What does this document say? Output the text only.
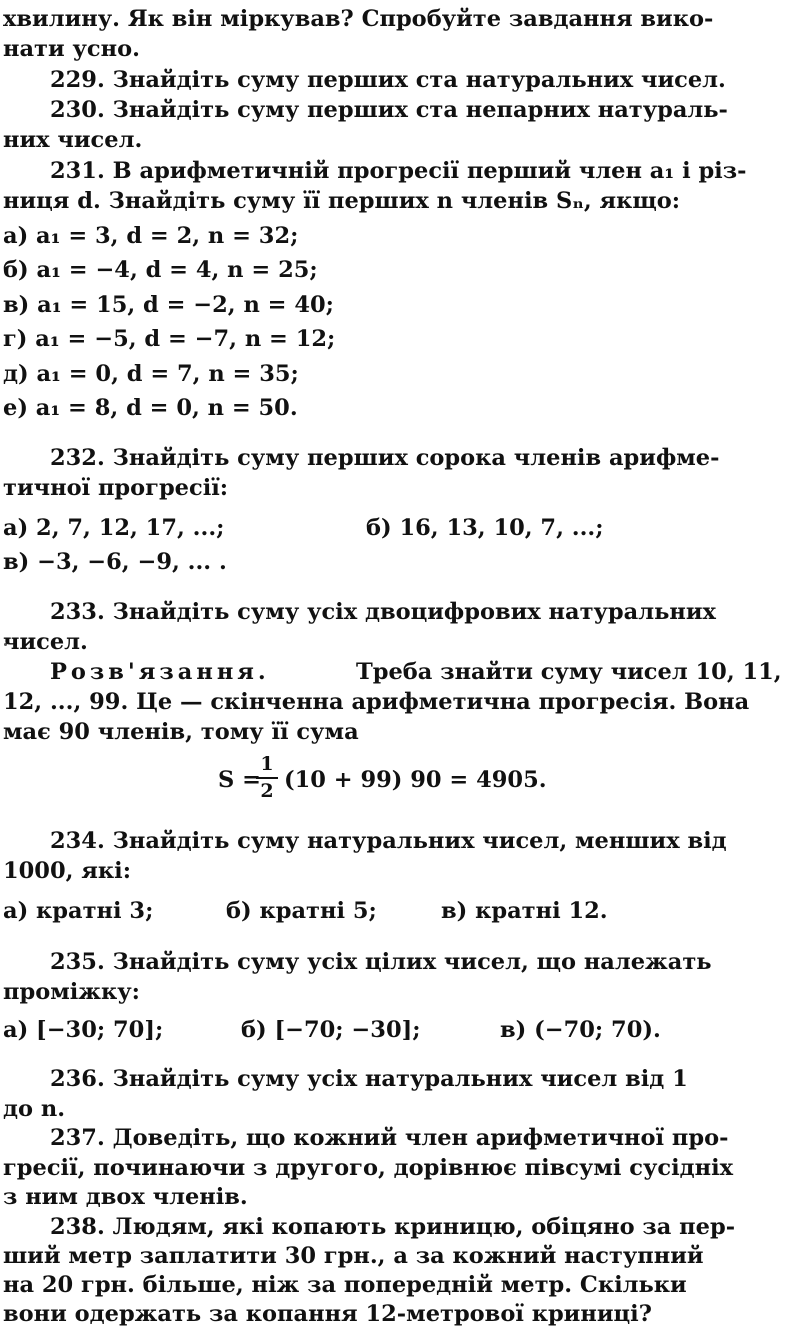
хвилину. Як він міркував? Спробуйте завдання вико-
нати усно.
229. Знайдіть суму перших ста натуральних чисел.
230. Знайдіть суму перших ста непарних натураль-
них чисел.
231. В арифметичній прогресії перший член a₁ і різ-
ниця d. Знайдіть суму її перших n членів Sₙ, якщо:
а) a₁ = 3, d = 2, n = 32;
б) a₁ = −4, d = 4, n = 25;
в) a₁ = 15, d = −2, n = 40;
г) a₁ = −5, d = −7, n = 12;
д) a₁ = 0, d = 7, n = 35;
е) a₁ = 8, d = 0, n = 50.
232. Знайдіть суму перших сорока членів арифме-
тичної прогресії:
а) 2, 7, 12, 17, ...;	б) 16, 13, 10, 7, ...;
в) −3, −6, −9, ... .
233. Знайдіть суму усіх двоцифрових натуральних
чисел.
Розв'язання.	Треба знайти суму чисел 10, 11,
12, ..., 99. Це — скінченна арифметична прогресія. Вона
має 90 членів, тому її сума
S =
1
2 (10 + 99) 90 = 4905.
234. Знайдіть суму натуральних чисел, менших від
1000, які:
а) кратні 3;	б) кратні 5;	в) кратні 12.
235. Знайдіть суму усіх цілих чисел, що належать
проміжку:
а) [−30; 70];	б) [−70; −30];	в) (−70; 70).
236. Знайдіть суму усіх натуральних чисел від 1
до n.
237. Доведіть, що кожний член арифметичної про-
гресії, починаючи з другого, дорівнює півсумі сусідніх
з ним двох членів.
238. Людям, які копають криницю, обіцяно за пер-
ший метр заплатити 30 грн., а за кожний наступний
на 20 грн. більше, ніж за попередній метр. Скільки
вони одержать за копання 12-метрової криниці?
